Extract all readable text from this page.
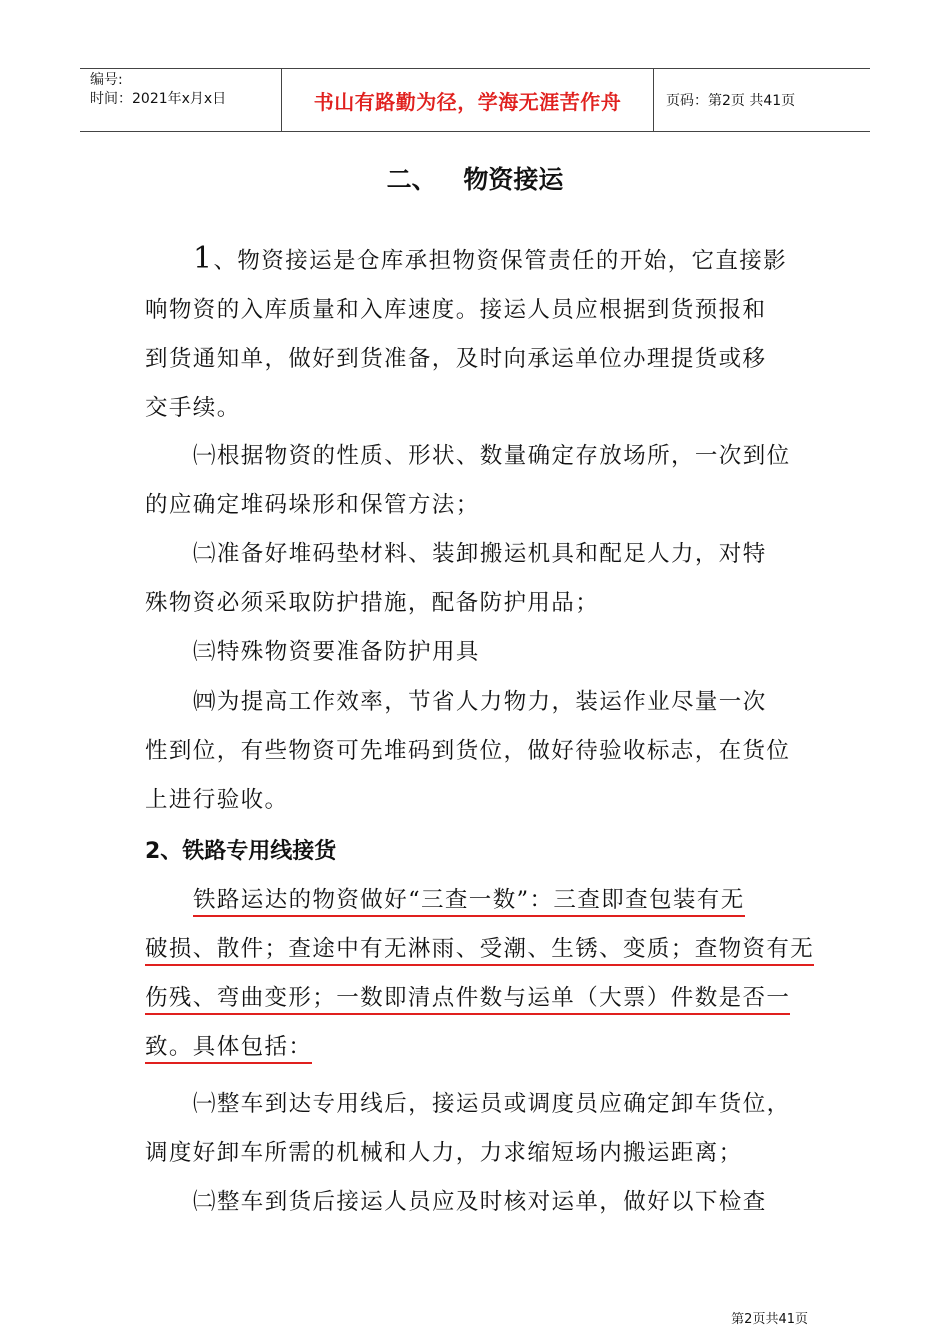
编号:
时间：2021年x月x日	书山有路勤为径，学海无涯苦作舟	页码：第2页 共41页
二、 物资接运
1、物资接运是仓库承担物资保管责任的开始，它直接影
响物资的入库质量和入库速度。接运人员应根据到货预报和
到货通知单，做好到货准备，及时向承运单位办理提货或移
交手续。
㈠根据物资的性质、形状、数量确定存放场所，一次到位
的应确定堆码垛形和保管方法；
㈡准备好堆码垫材料、装卸搬运机具和配足人力，对特
殊物资必须采取防护措施，配备防护用品；
㈢特殊物资要准备防护用具
㈣为提高工作效率，节省人力物力，装运作业尽量一次
性到位，有些物资可先堆码到货位，做好待验收标志，在货位
上进行验收。
2、铁路专用线接货
铁路运达的物资做好“三查一数”：三查即查包装有无
破损、散件；查途中有无淋雨、受潮、生锈、变质；查物资有无
伤残、弯曲变形；一数即清点件数与运单（大票）件数是否一
致。具体包括：
㈠整车到达专用线后，接运员或调度员应确定卸车货位，
调度好卸车所需的机械和人力，力求缩短场内搬运距离；
㈡整车到货后接运人员应及时核对运单，做好以下检查
第2页共41页
